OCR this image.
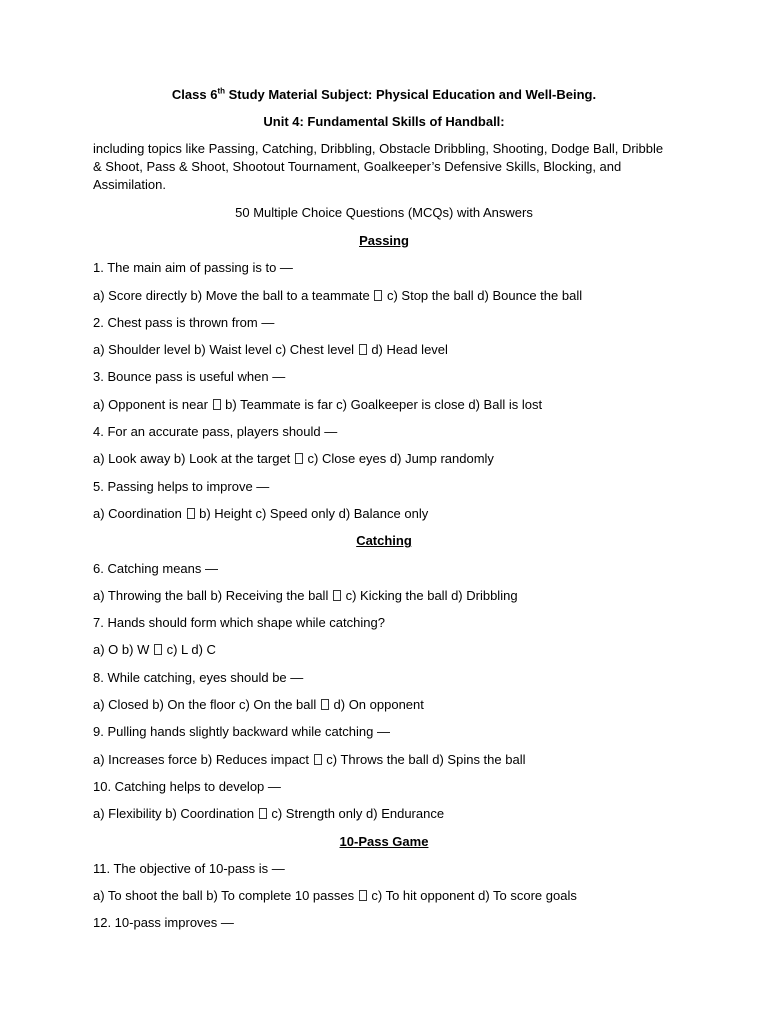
Class 6th Study Material Subject: Physical Education and Well-Being.

Unit 4: Fundamental Skills of Handball:

including topics like Passing, Catching, Dribbling, Obstacle Dribbling, Shooting, Dodge Ball, Dribble & Shoot, Pass & Shoot, Shootout Tournament, Goalkeeper’s Defensive Skills, Blocking, and Assimilation.

50 Multiple Choice Questions (MCQs) with Answers

Passing

1. The main aim of passing is to —

a) Score directly b) Move the ball to a teammate  c) Stop the ball d) Bounce the ball

2. Chest pass is thrown from —

a) Shoulder level b) Waist level c) Chest level  d) Head level

3. Bounce pass is useful when —

a) Opponent is near  b) Teammate is far c) Goalkeeper is close d) Ball is lost

4. For an accurate pass, players should —

a) Look away b) Look at the target  c) Close eyes d) Jump randomly

5. Passing helps to improve —

a) Coordination  b) Height c) Speed only d) Balance only

Catching

6. Catching means —

a) Throwing the ball b) Receiving the ball  c) Kicking the ball d) Dribbling

7. Hands should form which shape while catching?

a) O b) W  c) L d) C

8. While catching, eyes should be —

a) Closed b) On the floor c) On the ball  d) On opponent

9. Pulling hands slightly backward while catching —

a) Increases force b) Reduces impact  c) Throws the ball d) Spins the ball

10. Catching helps to develop —

a) Flexibility b) Coordination  c) Strength only d) Endurance

10-Pass Game

11. The objective of 10-pass is —

a) To shoot the ball b) To complete 10 passes  c) To hit opponent d) To score goals

12. 10-pass improves —
